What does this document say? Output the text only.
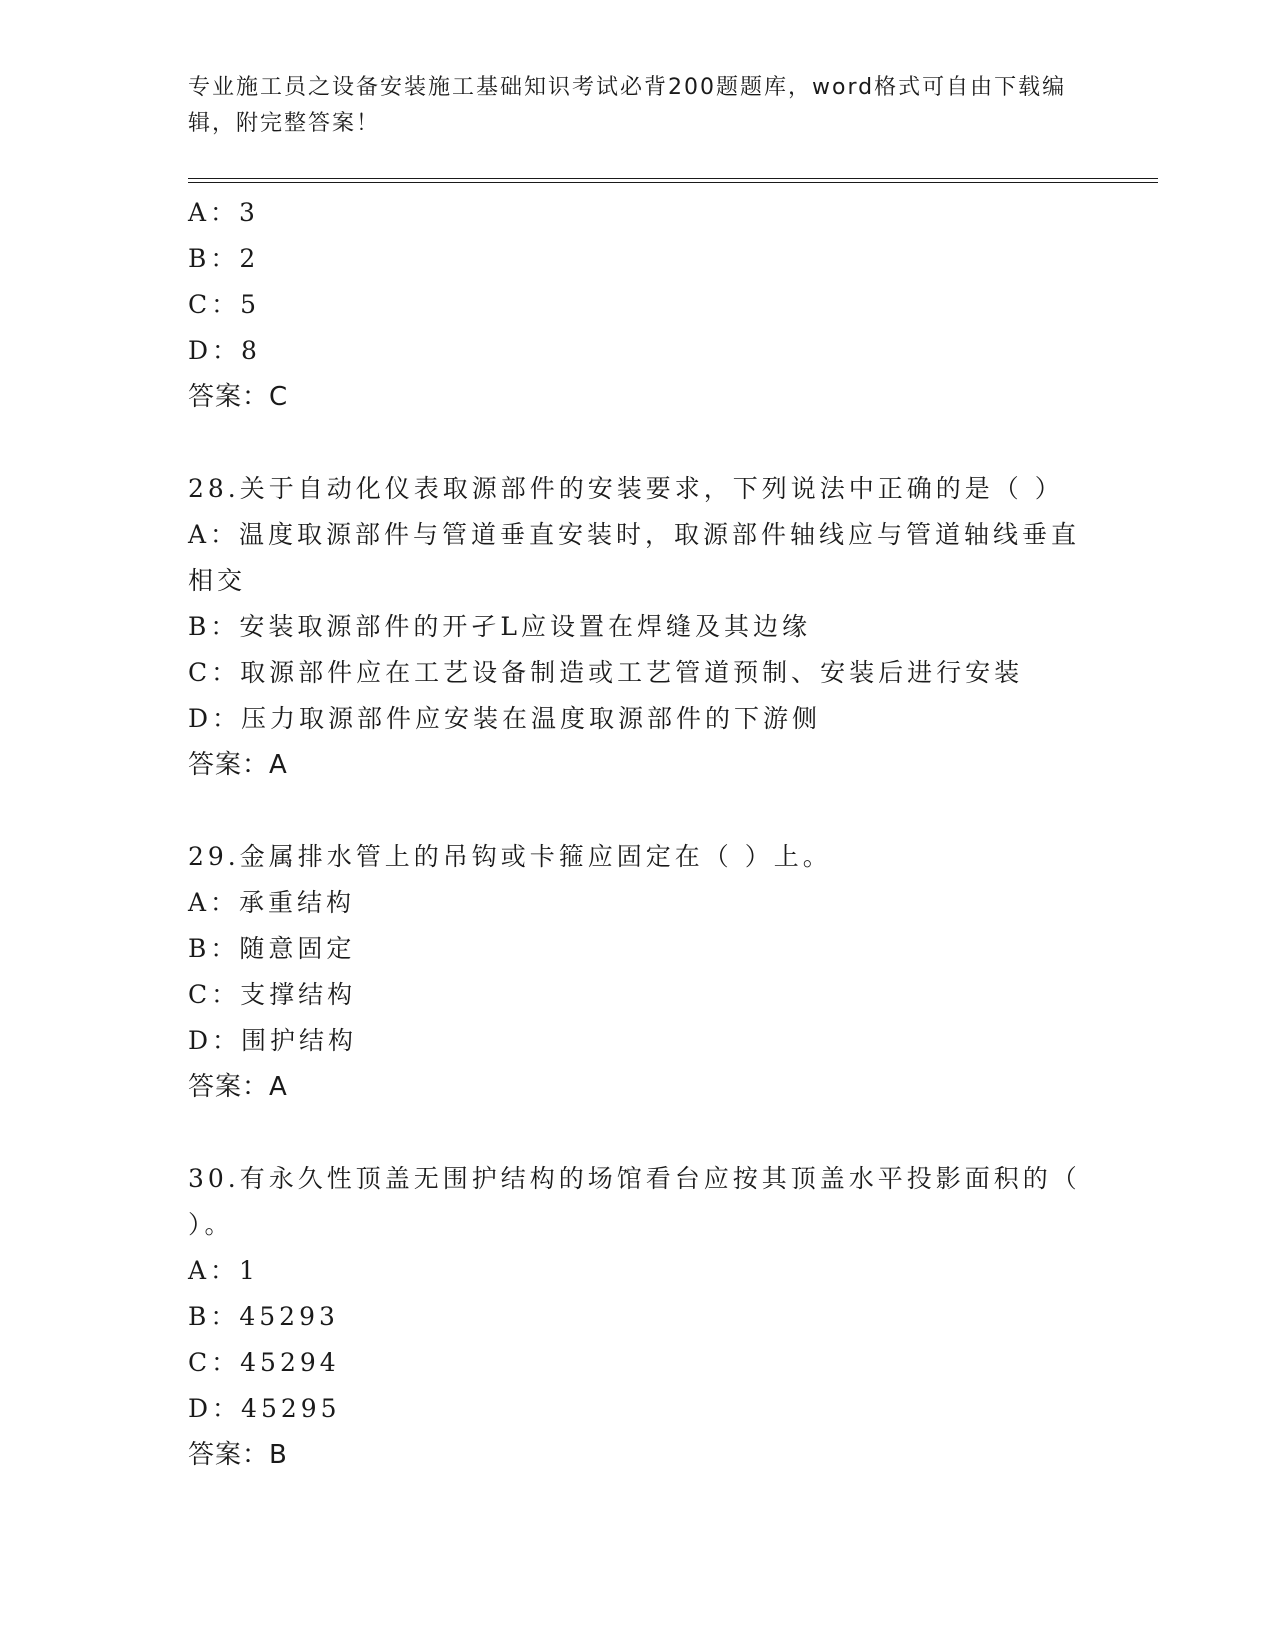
专业施工员之设备安装施工基础知识考试必背200题题库，word格式可自由下载编辑，附完整答案！
A：3
B：2
C：5
D：8
答案：C
28.关于自动化仪表取源部件的安装要求，下列说法中正确的是（ ）
A：温度取源部件与管道垂直安装时，取源部件轴线应与管道轴线垂直
相交
B：安装取源部件的开孑L应设置在焊缝及其边缘
C：取源部件应在工艺设备制造或工艺管道预制、安装后进行安装
D：压力取源部件应安装在温度取源部件的下游侧
答案：A
29.金属排水管上的吊钩或卡箍应固定在（ ）上。
A：承重结构
B：随意固定
C：支撑结构
D：围护结构
答案：A
30.有永久性顶盖无围护结构的场馆看台应按其顶盖水平投影面积的（
）。
A：1
B：45293
C：45294
D：45295
答案：B
